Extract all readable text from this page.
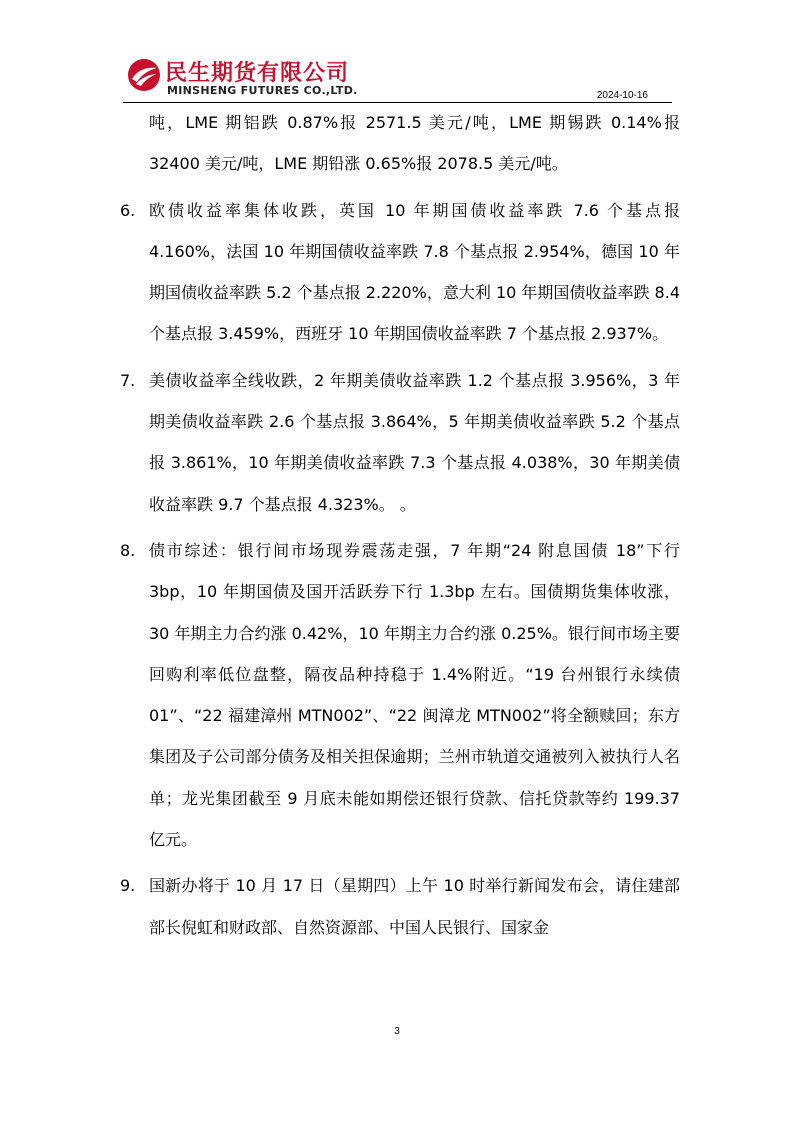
民生期货有限公司
MINSHENG FUTURES CO.,LTD.	2024-10-16
吨，LME 期铝跌 0.87%报 2571.5 美元/吨，LME 期锡跌 0.14%报 32400 美元/吨，LME 期铅涨 0.65%报 2078.5 美元/吨。
6. 欧债收益率集体收跌，英国 10 年期国债收益率跌 7.6 个基点报 4.160%，法国 10 年期国债收益率跌 7.8 个基点报 2.954%，德国 10 年期国债收益率跌 5.2 个基点报 2.220%，意大利 10 年期国债收益率跌 8.4 个基点报 3.459%，西班牙 10 年期国债收益率跌 7 个基点报 2.937%。
7. 美债收益率全线收跌，2 年期美债收益率跌 1.2 个基点报 3.956%，3 年期美债收益率跌 2.6 个基点报 3.864%，5 年期美债收益率跌 5.2 个基点报 3.861%，10 年期美债收益率跌 7.3 个基点报 4.038%，30 年期美债收益率跌 9.7 个基点报 4.323%。 。
8. 债市综述：银行间市场现券震荡走强，7 年期“24 附息国债 18”下行 3bp，10 年期国债及国开活跃券下行 1.3bp 左右。国债期货集体收涨，30 年期主力合约涨 0.42%，10 年期主力合约涨 0.25%。银行间市场主要回购利率低位盘整，隔夜品种持稳于 1.4%附近。“19 台州银行永续债 01”、“22 福建漳州 MTN002”、“22 闽漳龙 MTN002”将全额赎回；东方集团及子公司部分债务及相关担保逾期；兰州市轨道交通被列入被执行人名单；龙光集团截至 9 月底未能如期偿还银行贷款、信托贷款等约 199.37 亿元。
9. 国新办将于 10 月 17 日（星期四）上午 10 时举行新闻发布会，请住建部部长倪虹和财政部、自然资源部、中国人民银行、国家金
3
